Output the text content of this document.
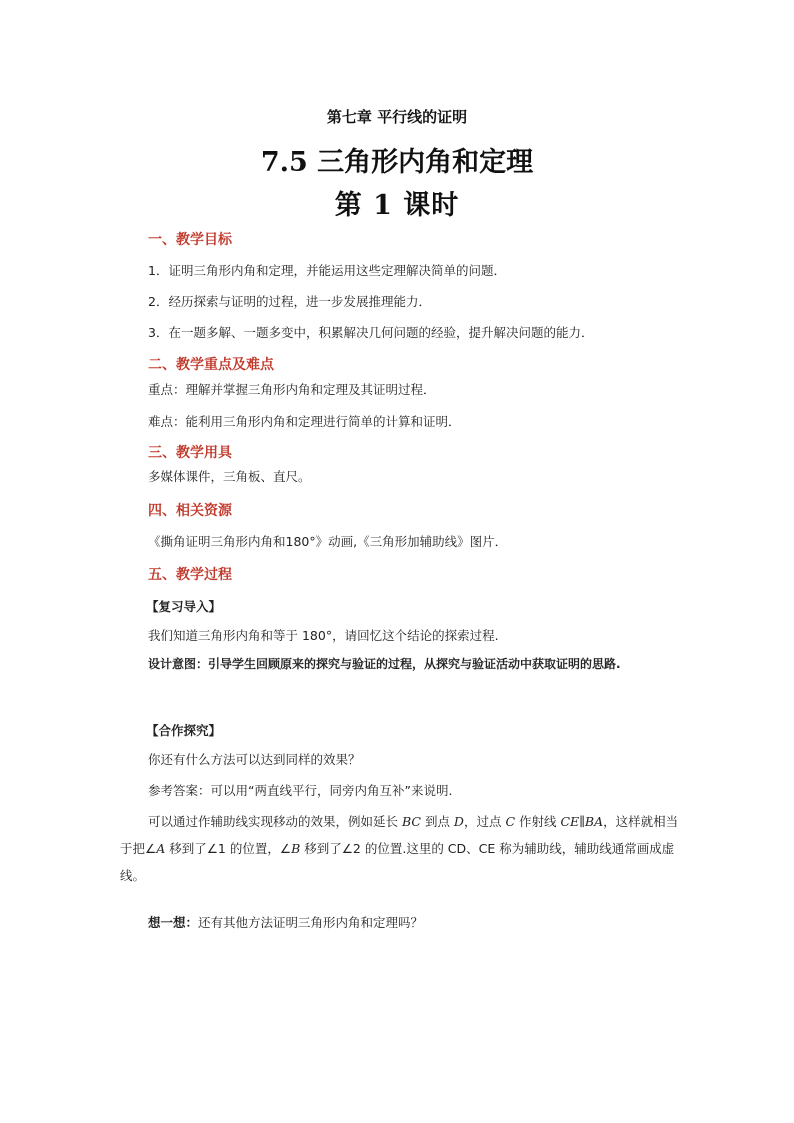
第七章 平行线的证明
7.5 三角形内角和定理
第 1 课时
一、教学目标
1．证明三角形内角和定理，并能运用这些定理解决简单的问题．
2．经历探索与证明的过程，进一步发展推理能力．
3．在一题多解、一题多变中，积累解决几何问题的经验，提升解决问题的能力．
二、教学重点及难点
重点：理解并掌握三角形内角和定理及其证明过程．
难点：能利用三角形内角和定理进行简单的计算和证明．
三、教学用具
多媒体课件，三角板、直尺。
四、相关资源
《撕角证明三角形内角和180°》动画,《三角形加辅助线》图片．
五、教学过程
【复习导入】
我们知道三角形内角和等于 180°，请回忆这个结论的探索过程.
设计意图：引导学生回顾原来的探究与验证的过程，从探究与验证活动中获取证明的思路.
【合作探究】
你还有什么方法可以达到同样的效果？
参考答案：可以用“两直线平行，同旁内角互补”来说明.
可以通过作辅助线实现移动的效果，例如延长 BC 到点 D，过点 C 作射线 CE∥BA，这样就相当于把∠A 移到了∠1 的位置，∠B 移到了∠2 的位置.这里的 CD、CE 称为辅助线，辅助线通常画成虚线。
想一想：还有其他方法证明三角形内角和定理吗？
